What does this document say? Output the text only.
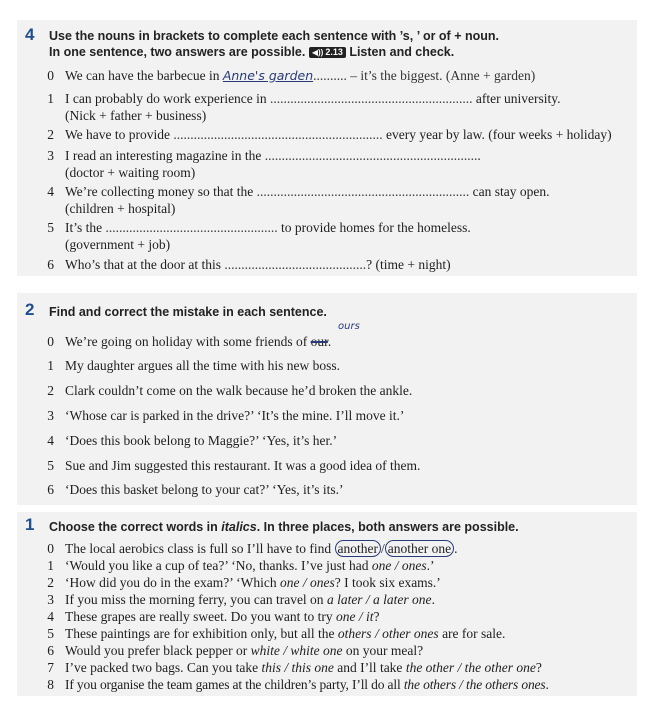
4 Use the nouns in brackets to complete each sentence with ’s, ’ or of + noun.
In one sentence, two answers are possible. ◀)) 2.13 Listen and check.
0 We can have the barbecue in Anne's garden.......... – it’s the biggest. (Anne + garden)
1 I can probably do work experience in ............................................................ after university.
(Nick + father + business)
2 We have to provide .............................................................. every year by law. (four weeks + holiday)
3 I read an interesting magazine in the ................................................................
(doctor + waiting room)
4 We’re collecting money so that the ............................................................... can stay open.
(children + hospital)
5 It’s the ................................................... to provide homes for the homeless.
(government + job)
6 Who’s that at the door at this ..........................................? (time + night)
2 Find and correct the mistake in each sentence.
ours
0 We’re going on holiday with some friends of our.
1 My daughter argues all the time with his new boss.
2 Clark couldn’t come on the walk because he’d broken the ankle.
3 ‘Whose car is parked in the drive?’ ‘It’s the mine. I’ll move it.’
4 ‘Does this book belong to Maggie?’ ‘Yes, it’s her.’
5 Sue and Jim suggested this restaurant. It was a good idea of them.
6 ‘Does this basket belong to your cat?’ ‘Yes, it’s its.’
1 Choose the correct words in italics. In three places, both answers are possible.
0 The local aerobics class is full so I’ll have to find another / another one .
1 ‘Would you like a cup of tea?’ ‘No, thanks. I’ve just had one / ones.’
2 ‘How did you do in the exam?’ ‘Which one / ones? I took six exams.’
3 If you miss the morning ferry, you can travel on a later / a later one.
4 These grapes are really sweet. Do you want to try one / it?
5 These paintings are for exhibition only, but all the others / other ones are for sale.
6 Would you prefer black pepper or white / white one on your meal?
7 I’ve packed two bags. Can you take this / this one and I’ll take the other / the other one?
8 If you organise the team games at the children’s party, I’ll do all the others / the others ones.
